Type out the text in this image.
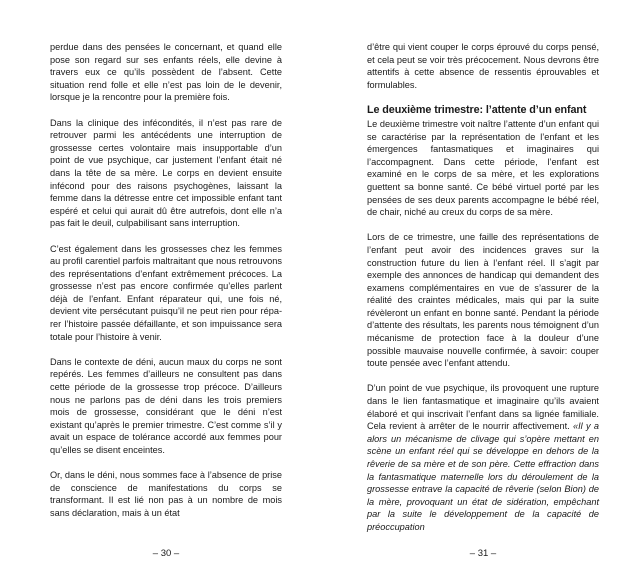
perdue dans des pensées le concernant, et quand elle pose son regard sur ses enfants réels, elle devine à travers eux ce qu’ils possèdent de l’absent. Cette situation rend folle et elle n’est pas loin de le devenir, lorsque je la rencontre pour la première fois.

Dans la clinique des infécondités, il n’est pas rare de retrouver parmi les antécédents une interruption de grossesse certes volontaire mais insupportable d’un point de vue psychique, car justement l’enfant était né dans la tête de sa mère. Le corps en devient ensuite infécond pour des raisons psychogènes, laissant la femme dans la détresse entre cet impossible enfant tant espéré et celui qui aurait dû être autrefois, dont elle n’a pas fait le deuil, culpabilisant sans interruption.

C’est également dans les grossesses chez les femmes au profil carentiel parfois maltraitant que nous retrouvons des représentations d’enfant extrêmement précoces. La grossesse n’est pas encore confirmée qu’elles parlent déjà de l’enfant. Enfant réparateur qui, une fois né, devient vite persécutant puisqu’il ne peut rien pour réparer l’histoire passée défaillante, et son impuissance sera totale pour l’histoire à venir.

Dans le contexte de déni, aucun maux du corps ne sont repérés. Les femmes d’ailleurs ne consultent pas dans cette période de la grossesse trop précoce. D’ailleurs nous ne parlons pas de déni dans les trois premiers mois de grossesse, considérant que le déni n’est existant qu’après le premier trimestre. C’est comme s’il y avait un espace de tolérance accordé aux femmes pour qu’elles se disent enceintes.

Or, dans le déni, nous sommes face à l’absence de prise de conscience de manifestations du corps se transformant. Il est lié non pas à un nombre de mois sans déclaration, mais à un état

– 30 –

d’être qui vient couper le corps éprouvé du corps pensé, et cela peut se voir très précocement. Nous devrons être attentifs à cette absence de ressentis éprouvables et formulables.

Le deuxième trimestre: l’attente d’un enfant

Le deuxième trimestre voit naître l’attente d’un enfant qui se caractérise par la représentation de l’enfant et les émergences fantasmatiques et imaginaires qui l’accompagnent. Dans cette période, l’enfant est examiné en le corps de sa mère, et les explorations guettent sa bonne santé. Ce bébé virtuel porté par les pensées de ses deux parents accompagne le bébé réel, de chair, niché au creux du corps de sa mère.

Lors de ce trimestre, une faille des représentations de l’enfant peut avoir des incidences graves sur la construction future du lien à l’enfant réel. Il s’agit par exemple des annonces de handicap qui demandent des examens complémentaires en vue de s’assurer de la réalité des craintes médicales, mais qui par la suite révèleront un enfant en bonne santé. Pendant la période d’attente des résultats, les parents nous témoignent d’un mécanisme de protection face à la douleur d’une possible mauvaise nouvelle confirmée, à savoir: couper toute pensée avec l’enfant attendu.

D’un point de vue psychique, ils provoquent une rupture dans le lien fantasmatique et imaginaire qu’ils avaient élaboré et qui inscrivait l’enfant dans sa lignée familiale. Cela revient à arrêter de le nourrir affectivement. «Il y a alors un mécanisme de clivage qui s’opère mettant en scène un enfant réel qui se développe en dehors de la rêverie de sa mère et de son père. Cette effraction dans la fantasmatique maternelle lors du déroulement de la grossesse entrave la capacité de rêverie (selon Bion) de la mère, provoquant un état de sidération, empêchant par la suite le développement de la capacité de préoccupation

– 31 –
